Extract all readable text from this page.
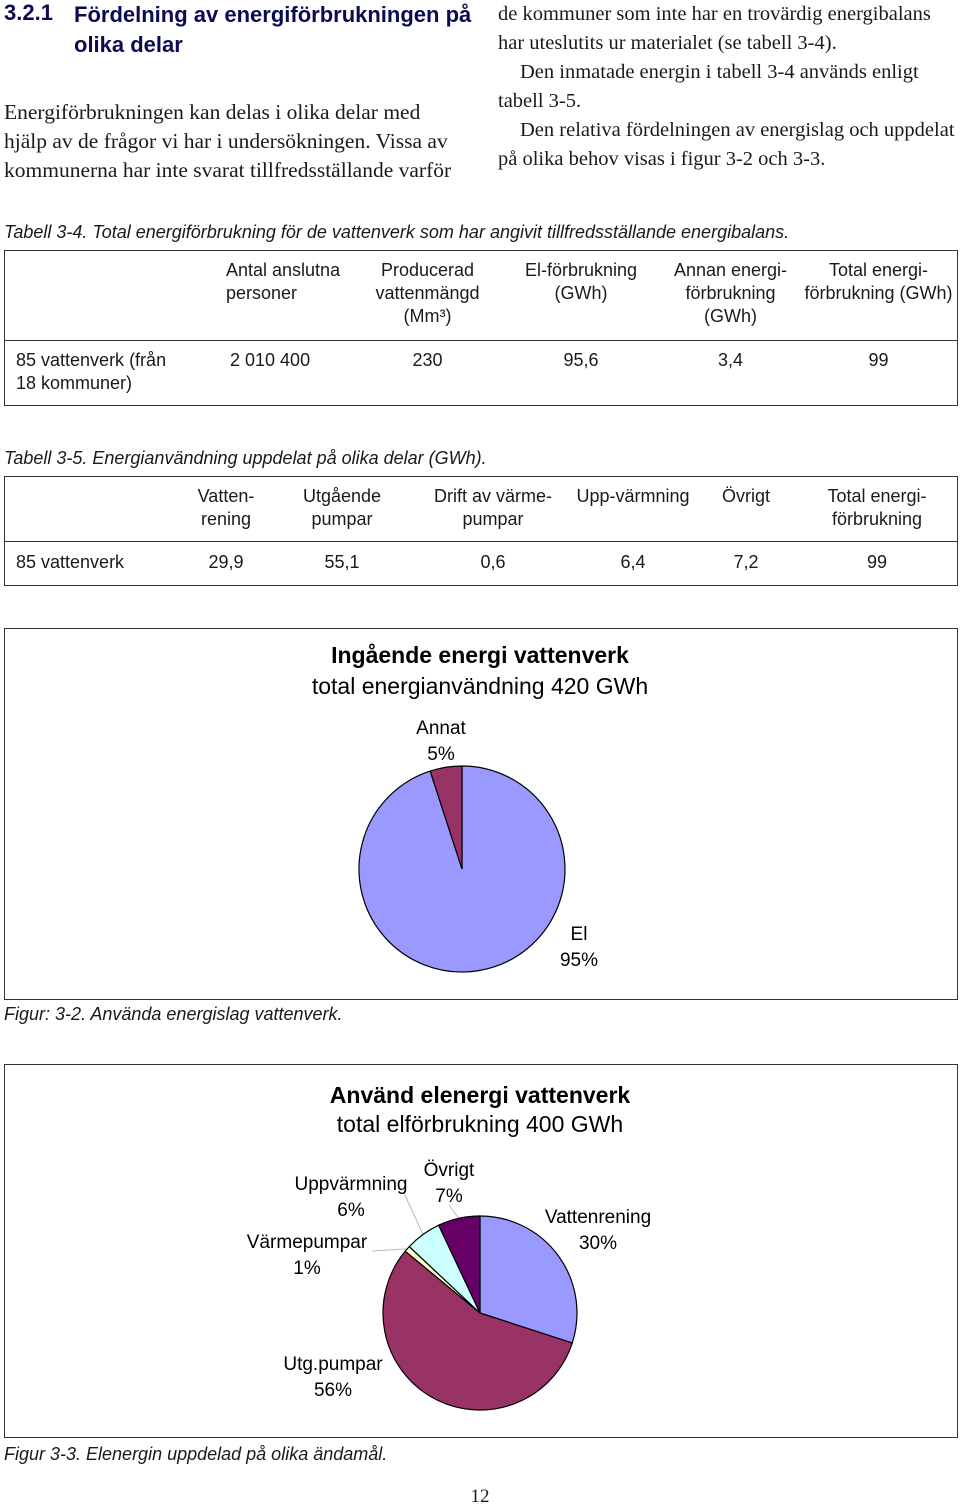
3.2.1 Fördelning av energiförbrukningen på olika delar
Energiförbrukningen kan delas i olika delar med hjälp av de frågor vi har i undersökningen. Vissa av kommunerna har inte svarat tillfredsställande varför

de kommuner som inte har en trovärdig energibalans har uteslutits ur materialet (se tabell 3-4).

Den inmatade energin i tabell 3-4 används enligt tabell 3-5.

Den relativa fördelningen av energislag och uppdelat på olika behov visas i figur 3-2 och 3-3.

Tabell 3-4. Total energiförbrukning för de vattenverk som har angivit tillfredsställande energibalans.
	Antal anslutna personer	Producerad vattenmängd (Mm³)	El-förbrukning (GWh)	Annan energi-förbrukning (GWh)	Total energi-förbrukning (GWh)
85 vattenverk (från 18 kommuner)	2 010 400	230	95,6	3,4	99
Tabell 3-5. Energianvändning uppdelat på olika delar (GWh).
	Vatten-rening	Utgående pumpar	Drift av värme-pumpar	Upp-värmning	Övrigt	Total energi-förbrukning
85 vattenverk	29,9	55,1	0,6	6,4	7,2	99
Ingående energi vattenverk
total energianvändning 420 GWh
Annat
5%
El
95%
Figur: 3-2. Använda energislag vattenverk.
Använd elenergi vattenverk
total elförbrukning 400 GWh
Uppvärmning
6%
Övrigt
7%
Vattenrening
30%
Värmepumpar
1%
Utg.pumpar
56%
Figur 3-3. Elenergin uppdelad på olika ändamål.
12
